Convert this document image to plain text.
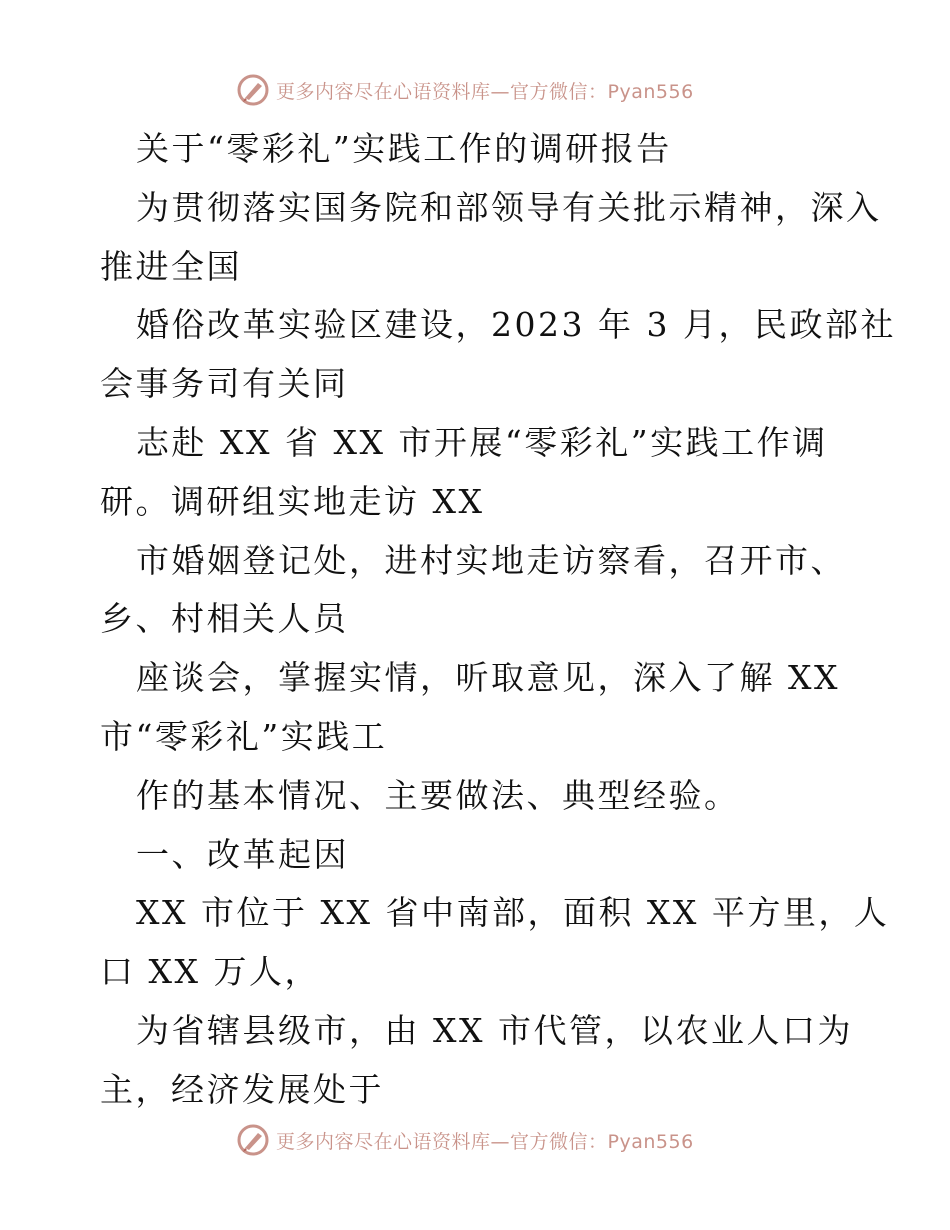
更多内容尽在心语资料库—官方微信：Pyan556
关于“零彩礼”实践工作的调研报告
为贯彻落实国务院和部领导有关批示精神，深入
推进全国
婚俗改革实验区建设，2023 年 3 月，民政部社
会事务司有关同
志赴 XX 省 XX 市开展“零彩礼”实践工作调
研。调研组实地走访 XX
市婚姻登记处，进村实地走访察看，召开市、
乡、村相关人员
座谈会，掌握实情，听取意见，深入了解 XX
市“零彩礼”实践工
作的基本情况、主要做法、典型经验。
一、改革起因
XX 市位于 XX 省中南部，面积 XX 平方里，人
口 XX 万人，
为省辖县级市，由 XX 市代管，以农业人口为
主，经济发展处于
更多内容尽在心语资料库—官方微信：Pyan556
